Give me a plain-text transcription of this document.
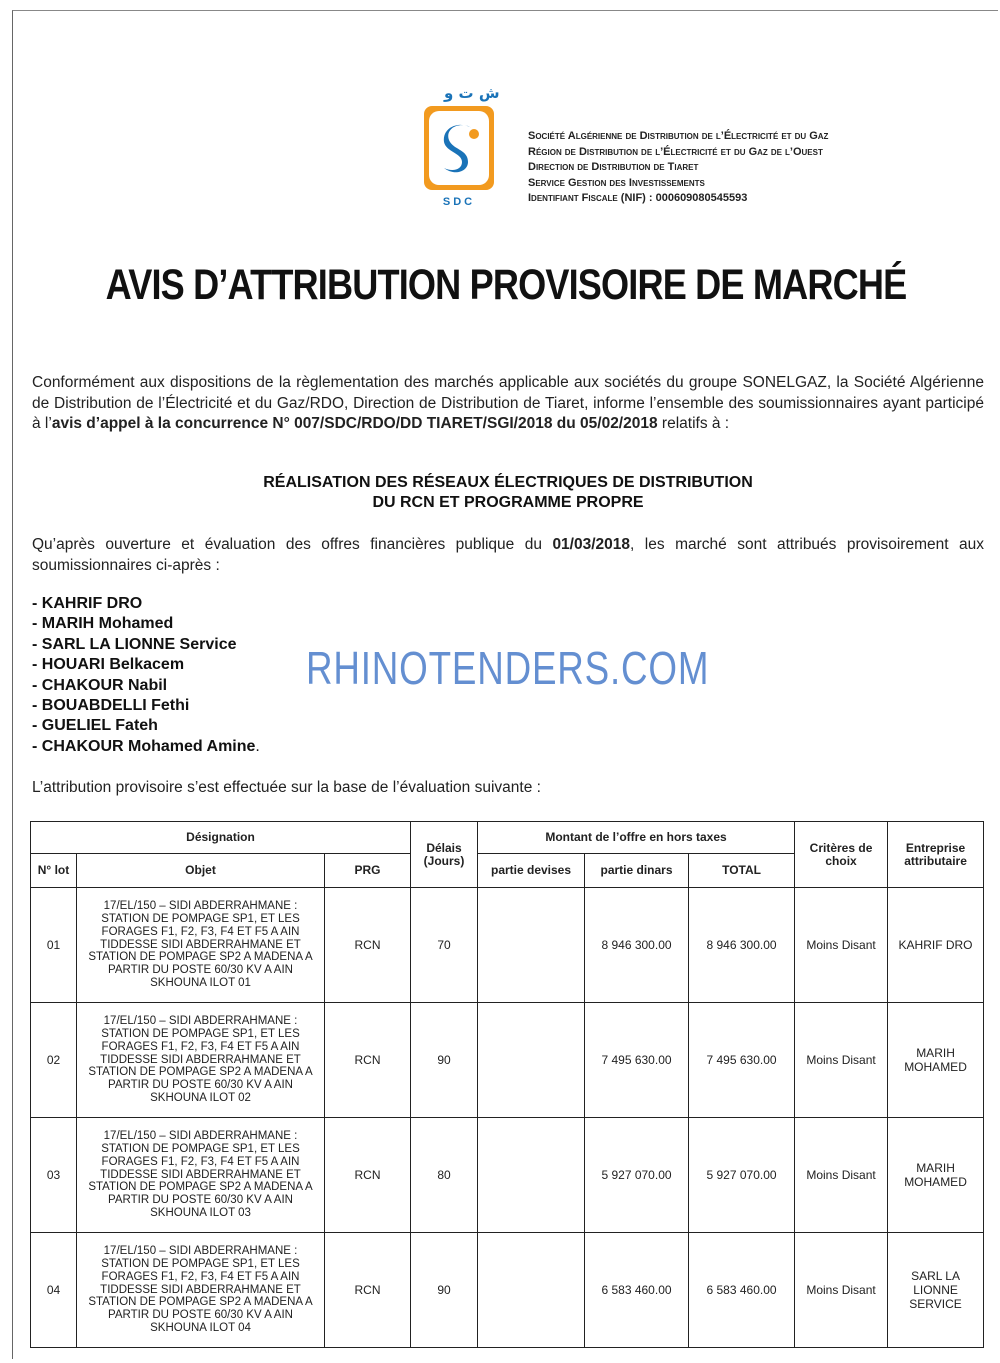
ش ت و
SDC
Société Algérienne de Distribution de l’Électricité et du Gaz
Région de Distribution de l’Électricité et du Gaz de l’Ouest
Direction de Distribution de Tiaret
Service Gestion des Investissements
Identifiant Fiscale (NIF) : 000609080545593
AVIS D’ATTRIBUTION PROVISOIRE DE MARCHÉ
Conformément aux dispositions de la règlementation des marchés applicable aux sociétés du groupe SONELGAZ, la Société Algérienne de Distribution de l’Électricité et du Gaz/RDO, Direction de Distribution de Tiaret, informe l’ensemble des soumissionnaires ayant participé à l’avis d’appel à la concurrence N° 007/SDC/RDO/DD TIARET/SGI/2018 du 05/02/2018 relatifs à :
RÉALISATION DES RÉSEAUX ÉLECTRIQUES DE DISTRIBUTION
DU RCN ET PROGRAMME PROPRE
Qu’après ouverture et évaluation des offres financières publique du 01/03/2018, les marché sont attribués provisoirement aux soumissionnaires ci-après :
- KAHRIF DRO
- MARIH Mohamed
- SARL LA LIONNE Service
- HOUARI Belkacem
- CHAKOUR Nabil
- BOUABDELLI Fethi
- GUELIEL Fateh
- CHAKOUR Mohamed Amine.
RHINOTENDERS.COM
L’attribution provisoire s’est effectuée sur la base de l’évaluation suivante :
Désignation			Délais (Jours)	Montant de l’offre en hors taxes			Critères de choix	Entreprise attributaire
N° lot	Objet	PRG		partie devises	partie dinars	TOTAL		
01	17/EL/150 – SIDI ABDERRAHMANE : STATION DE POMPAGE SP1, ET LES FORAGES F1, F2, F3, F4 ET F5 A AIN TIDDESSE SIDI ABDERRAHMANE ET STATION DE POMPAGE SP2 A MADENA A PARTIR DU POSTE 60/30 KV A AIN SKHOUNA ILOT 01	RCN	70		8 946 300.00	8 946 300.00	Moins Disant	KAHRIF DRO
02	17/EL/150 – SIDI ABDERRAHMANE : STATION DE POMPAGE SP1, ET LES FORAGES F1, F2, F3, F4 ET F5 A AIN TIDDESSE SIDI ABDERRAHMANE ET STATION DE POMPAGE SP2 A MADENA A PARTIR DU POSTE 60/30 KV A AIN SKHOUNA ILOT 02	RCN	90		7 495 630.00	7 495 630.00	Moins Disant	MARIH MOHAMED
03	17/EL/150 – SIDI ABDERRAHMANE : STATION DE POMPAGE SP1, ET LES FORAGES F1, F2, F3, F4 ET F5 A AIN TIDDESSE SIDI ABDERRAHMANE ET STATION DE POMPAGE SP2 A MADENA A PARTIR DU POSTE 60/30 KV A AIN SKHOUNA ILOT 03	RCN	80		5 927 070.00	5 927 070.00	Moins Disant	MARIH MOHAMED
04	17/EL/150 – SIDI ABDERRAHMANE : STATION DE POMPAGE SP1, ET LES FORAGES F1, F2, F3, F4 ET F5 A AIN TIDDESSE SIDI ABDERRAHMANE ET STATION DE POMPAGE SP2 A MADENA A PARTIR DU POSTE 60/30 KV A AIN SKHOUNA ILOT 04	RCN	90		6 583 460.00	6 583 460.00	Moins Disant	SARL LA LIONNE SERVICE
